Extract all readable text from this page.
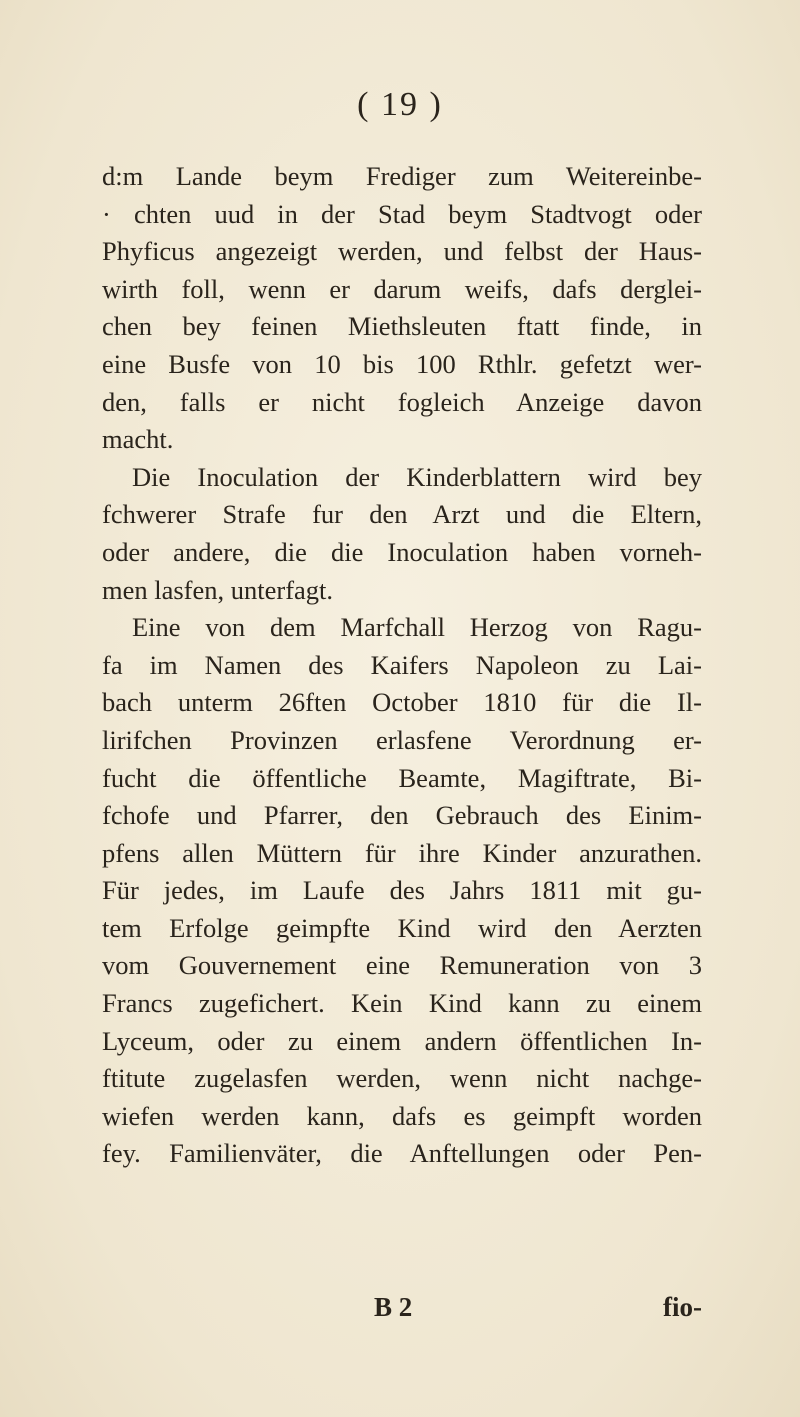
( 19 )
d:m Lande beym Frediger zum Weitereinbe-
· chten uud in der Stad beym Stadtvogt oder
Phyficus angezeigt werden, und felbst der Haus-
wirth foll, wenn er darum weifs, dafs derglei-
chen bey feinen Miethsleuten ftatt finde, in
eine Busfe von 10 bis 100 Rthlr. gefetzt wer-
den, falls er nicht fogleich Anzeige davon
macht.
Die Inoculation der Kinderblattern wird bey
fchwerer Strafe fur den Arzt und die Eltern,
oder andere, die die Inoculation haben vorneh-
men lasfen, unterfagt.
Eine von dem Marfchall Herzog von Ragu-
fa im Namen des Kaifers Napoleon zu Lai-
bach unterm 26ften October 1810 für die Il-
lirifchen Provinzen erlasfene Verordnung er-
fucht die öffentliche Beamte, Magiftrate, Bi-
fchofe und Pfarrer, den Gebrauch des Einim-
pfens allen Müttern für ihre Kinder anzurathen.
Für jedes, im Laufe des Jahrs 1811 mit gu-
tem Erfolge geimpfte Kind wird den Aerzten
vom Gouvernement eine Remuneration von 3
Francs zugefichert. Kein Kind kann zu einem
Lyceum, oder zu einem andern öffentlichen In-
ftitute zugelasfen werden, wenn nicht nachge-
wiefen werden kann, dafs es geimpft worden
fey. Familienväter, die Anftellungen oder Pen-
B 2	fio-
